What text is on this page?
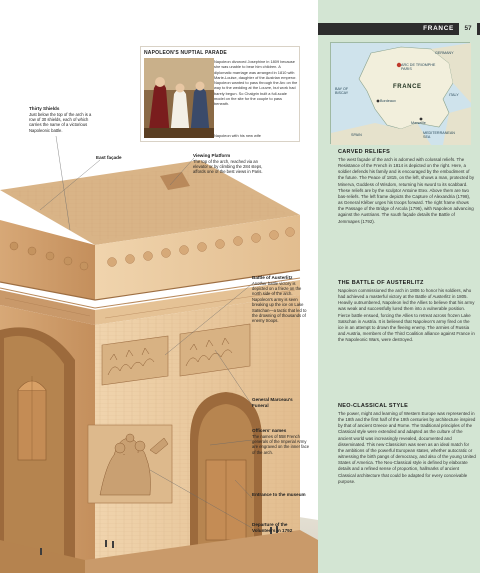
NAPOLEON'S NUPTIAL PARADE
Napoleon divorced Josephine in 1809 because she was unable to bear him children. A diplomatic marriage was arranged in 1810 with Marie-Louise, daughter of the Austrian emperor. Napoleon wanted to pass through the Arc on the way to the wedding at the Louvre, but work had barely begun. So Chalgrin built a full-scale model on the site for the couple to pass beneath.
Napoleon with his new wife
Thirty Shields
Just below the top of the arch is a row of 30 shields, each of which carries the name of a victorious Napoleonic battle.
East façade	Viewing Platform
The top of the arch, reached via an elevator or by climbing the 284 steps, affords one of the best views in Paris.
Battle of Austerlitz
Another battle victory is depicted on a frieze on the north side of the arch. Napoleon's army is seen breaking up the ice on Lake Satschan—a tactic that led to the drowning of thousands of enemy troops.
General Marceau's Funeral
Officers' names
The names of 558 French generals of the Imperial Army are engraved on the inner face of the arch.
Entrance to the museum
Departure of the Volunteers in 1792
FRANCE	57
GERMANY
ARC DE TRIOMPHE PARIS
BAY OF BISCAY
Bordeaux
Marseille
ITALY
SPAIN	MEDITERRANEAN SEA
FRANCE
CARVED RELIEFS

The west façade of the arch is adorned with colossal reliefs. The Resistance of the French in 1814 is depicted on the right. Here, a soldier defends his family and is encouraged by the embodiment of the future. The Peace of 1815, on the left, shows a man, protected by Minerva, Goddess of Wisdom, returning his sword to its scabbard. These reliefs are by the sculptor Antoine Etex. Above them are two bas-reliefs. The left frame depicts the Capture of Alexandria (1798), as General Kléber urges his troops forward. The right frame shows the Passage of the Bridge of Arcola (1796), with Napoleon advancing against the Austrians. The south façade details the Battle of Jemmapes (1792).

THE BATTLE OF AUSTERLITZ

Napoleon commissioned the arch in 1806 to honor his soldiers, who had achieved a masterful victory at the Battle of Austerlitz in 1805. Heavily outnumbered, Napoleon led the Allies to believe that his army was weak and successfully lured them into a vulnerable position. Fierce battle ensued, forcing the Allies to retreat across frozen Lake Satschan in Austria. It is believed that Napoleon's army fired on the ice in an attempt to drown the fleeing enemy. The armies of Russia and Austria, members of the Third Coalition alliance against France in the Napoleonic Wars, were destroyed.

NEO-CLASSICAL STYLE

The power, might and learning of Western Europe was represented in the 18th and the first half of the 19th centuries by architecture inspired by that of ancient Greece and Rome. The traditional principles of the Classical style were extended and adapted as the culture of the ancient world was increasingly revealed, documented and disseminated. This new Classicism was seen as an ideal match for the ambitions of the powerful European states, whether autocratic or witnessing the birth pangs of democracy, and also of the young United States of America. The Neo-Classical style is defined by elaborate details and a refined sense of proportion, hallmarks of ancient Classical architecture that could be adapted for every conceivable purpose.
